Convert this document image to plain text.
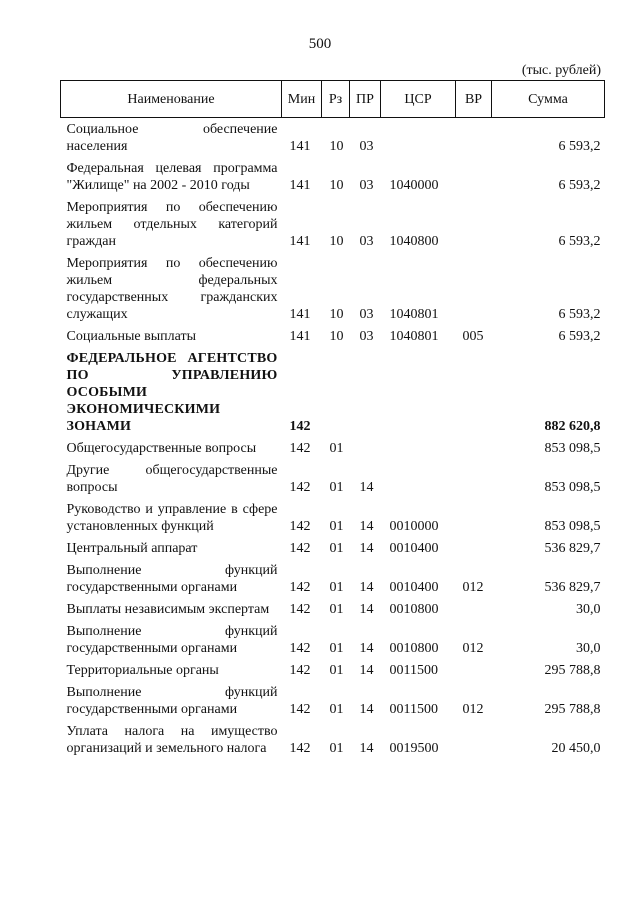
500
(тыс. рублей)
Наименование	Мин	Рз	ПР	ЦСР	ВР	Сумма
Социальное обеспечение населения	141	10	03			6 593,2
Федеральная целевая программа "Жилище" на 2002 - 2010 годы	141	10	03	1040000		6 593,2
Мероприятия по обеспечению жильем отдельных категорий граждан	141	10	03	1040800		6 593,2
Мероприятия по обеспечению жильем федеральных государственных гражданских служащих	141	10	03	1040801		6 593,2
Социальные выплаты	141	10	03	1040801	005	6 593,2
ФЕДЕРАЛЬНОЕ АГЕНТСТВО ПО УПРАВЛЕНИЮ ОСОБЫМИ ЭКОНОМИЧЕСКИМИ ЗОНАМИ	142					882 620,8
Общегосударственные вопросы	142	01				853 098,5
Другие общегосударственные вопросы	142	01	14			853 098,5
Руководство и управление в сфере установленных функций	142	01	14	0010000		853 098,5
Центральный аппарат	142	01	14	0010400		536 829,7
Выполнение функций государственными органами	142	01	14	0010400	012	536 829,7
Выплаты независимым экспертам	142	01	14	0010800		30,0
Выполнение функций государственными органами	142	01	14	0010800	012	30,0
Территориальные органы	142	01	14	0011500		295 788,8
Выполнение функций государственными органами	142	01	14	0011500	012	295 788,8
Уплата налога на имущество организаций и земельного налога	142	01	14	0019500		20 450,0
